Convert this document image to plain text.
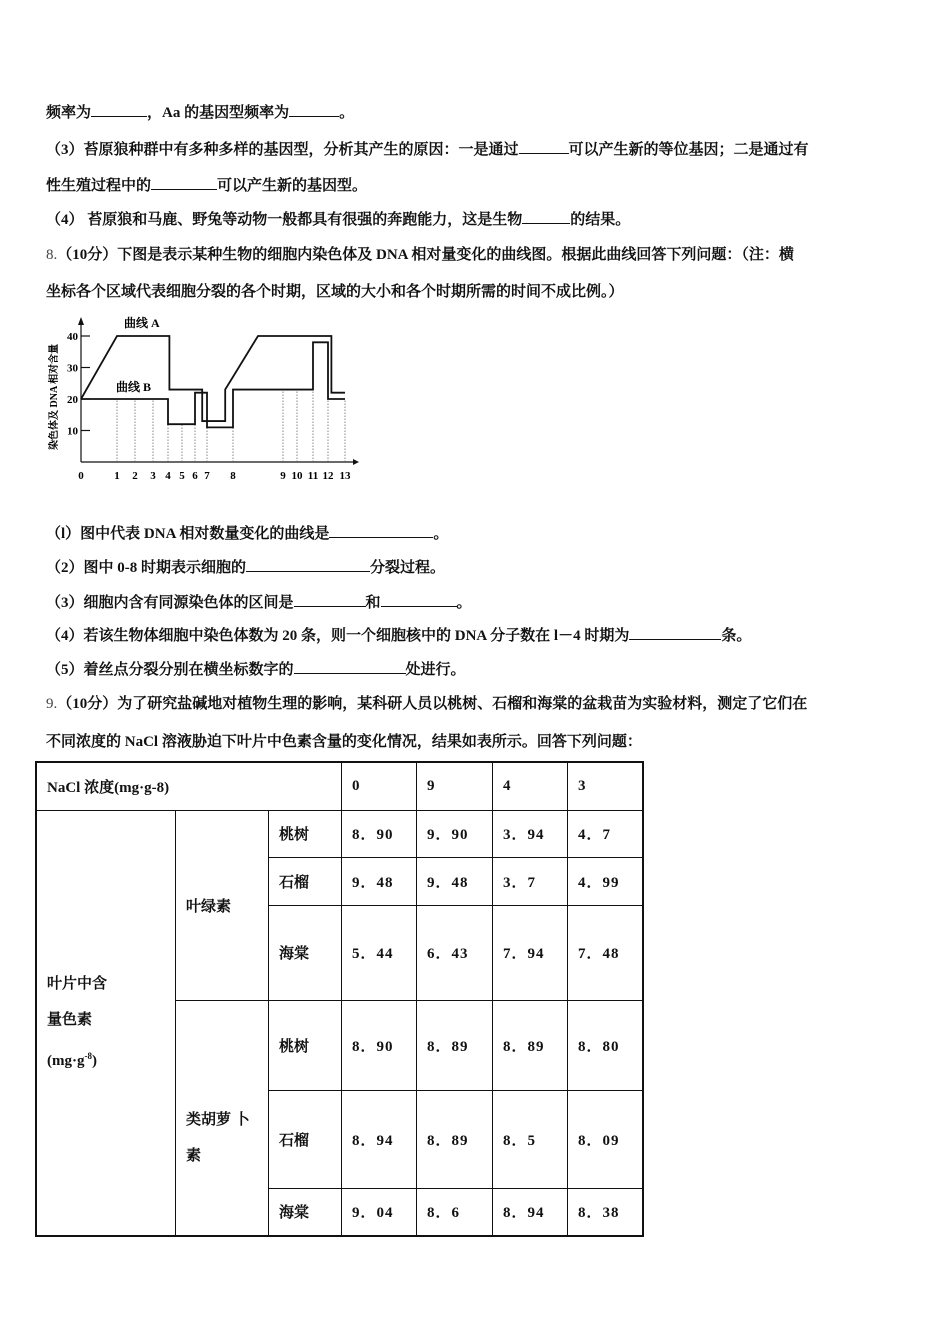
频率为	，Aa 的基因型频率为	。
（3）苔原狼种群中有多种多样的基因型，分析其产生的原因：一是通过	可以产生新的等位基因；二是通过有
性生殖过程中的	可以产生新的基因型。
（4） 苔原狼和马鹿、野兔等动物一般都具有很强的奔跑能力，这是生物	的结果。
8.（10分）下图是表示某种生物的细胞内染色体及 DNA 相对量变化的曲线图。根据此曲线回答下列问题：（注：横
坐标各个区域代表细胞分裂的各个时期，区域的大小和各个时期所需的时间不成比例。）
0	1 2 3 4 5 6 7 8	9 10 11 12 13
10
20
30
40
染色体及 DNA 相对含量
曲线 A
曲线 B
（l）图中代表 DNA 相对数量变化的曲线是	。
（2）图中 0-8 时期表示细胞的	分裂过程。
（3）细胞内含有同源染色体的区间是	和	。
（4）若该生物体细胞中染色体数为 20 条，则一个细胞核中的 DNA 分子数在 l－4 时期为	条。
（5）着丝点分裂分别在横坐标数字的	处进行。
9.（10分）为了研究盐碱地对植物生理的影响，某科研人员以桃树、石榴和海棠的盆栽苗为实验材料，测定了它们在
不同浓度的 NaCl 溶液胁迫下叶片中色素含量的变化情况，结果如表所示。回答下列问题：
NaCl 浓度(mg·g-8)			0	9	4	3

叶片中含
量色素
$(mg\cdot g^{-8})$	叶绿素	桃树	8．90	9．90	3．94	4．7
		石榴	9．48	9．48	3．7	4．99
		海棠	5．44	6．43	7．94	7．48

	类胡萝 卜素	桃树	8．90	8．89	8．89	8．80
		石榴	8．94	8．89	8．5	8．09
		海棠	9．04	8．6	8．94	8．38
